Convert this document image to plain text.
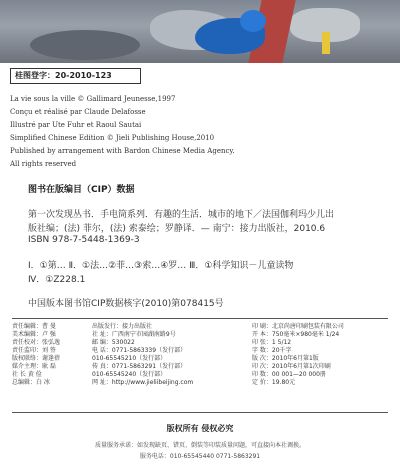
桂图登字：20-2010-123
La vie sous la ville © Gallimard Jeunesse,1997
Conçu et réalisé par Claude Delafosse
Illustré par Ute Fuhr et Raoul Sautai
Simplified Chinese Edition © Jieli Publishing House,2010
Published by arrangement with Bardon Chinese Media Agency.
All rights reserved
图书在版编目（CIP）数据
第一次发现丛书．手电筒系列．有趣的生活．城市的地下／法国伽利玛少儿出
版社编；(法) 菲尔，(法) 索泰绘；罗静译．— 南宁：接力出版社，2010.6
ISBN 978-7-5448-1369-3
Ⅰ．①第… Ⅱ．①法…②菲…③索…④罗… Ⅲ．①科学知识－儿童读物
Ⅳ．①Z228.1
中国版本图书馆CIP数据核字(2010)第078415号
责任编辑：曹 曼
美术编辑：卢 强
责任校对：张弘逸
责任监印：刘 签
版权联络：谢逢蓓
媒介主理：耿 磊
社 长 黄 俭
总编辑：白 冰
出版发行：接力出版社
社 址：广西南宁市园湖南路9号
邮 编：530022
电 话：0771-5863339（发行部）
010-65545210（发行部）
传 真：0771-5863291（发行部）
010-65545240（发行部）
网 址：http://www.jieliibeijing.com
印 刷：北京尚唐印刷包装有限公司
开 本：750毫米×980毫米 1/24
印 张：1 5/12
字 数：20千字
版 次：2010年6月第1版
印 次：2010年6月第1次印刷
印 数：00 001—20 000册
定 价：19.80元
版权所有 侵权必究
质量服务承诺：如发现缺页、错页、倒装等印装质量问题，可直接向本社调换。
服务电话：010-65545440 0771-5863291
